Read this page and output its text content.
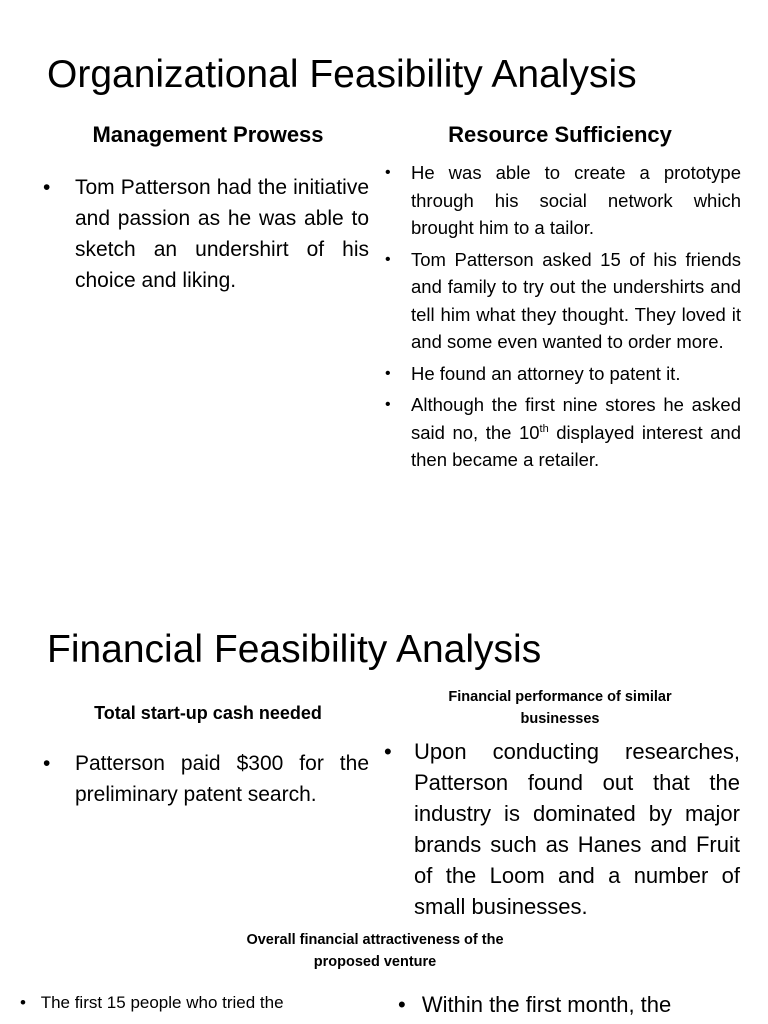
Organizational Feasibility Analysis
Management Prowess	Resource Sufficiency
• Tom Patterson had the initiative and passion as he was able to sketch an undershirt of his choice and liking.
• He was able to create a prototype through his social network which brought him to a tailor.
• Tom Patterson asked 15 of his friends and family to try out the undershirts and tell him what they thought. They loved it and some even wanted to order more.
• He found an attorney to patent it.
• Although the first nine stores he asked said no, the 10th displayed interest and then became a retailer.
Financial Feasibility Analysis
Total start-up cash needed
Financial performance of similar
businesses
• Patterson paid $300 for the preliminary patent search.
• Upon conducting researches, Patterson found out that the industry is dominated by major brands such as Hanes and Fruit of the Loom and a number of small businesses.
Overall financial attractiveness of the
proposed venture
• The first 15 people who tried the	• Within the first month, the
